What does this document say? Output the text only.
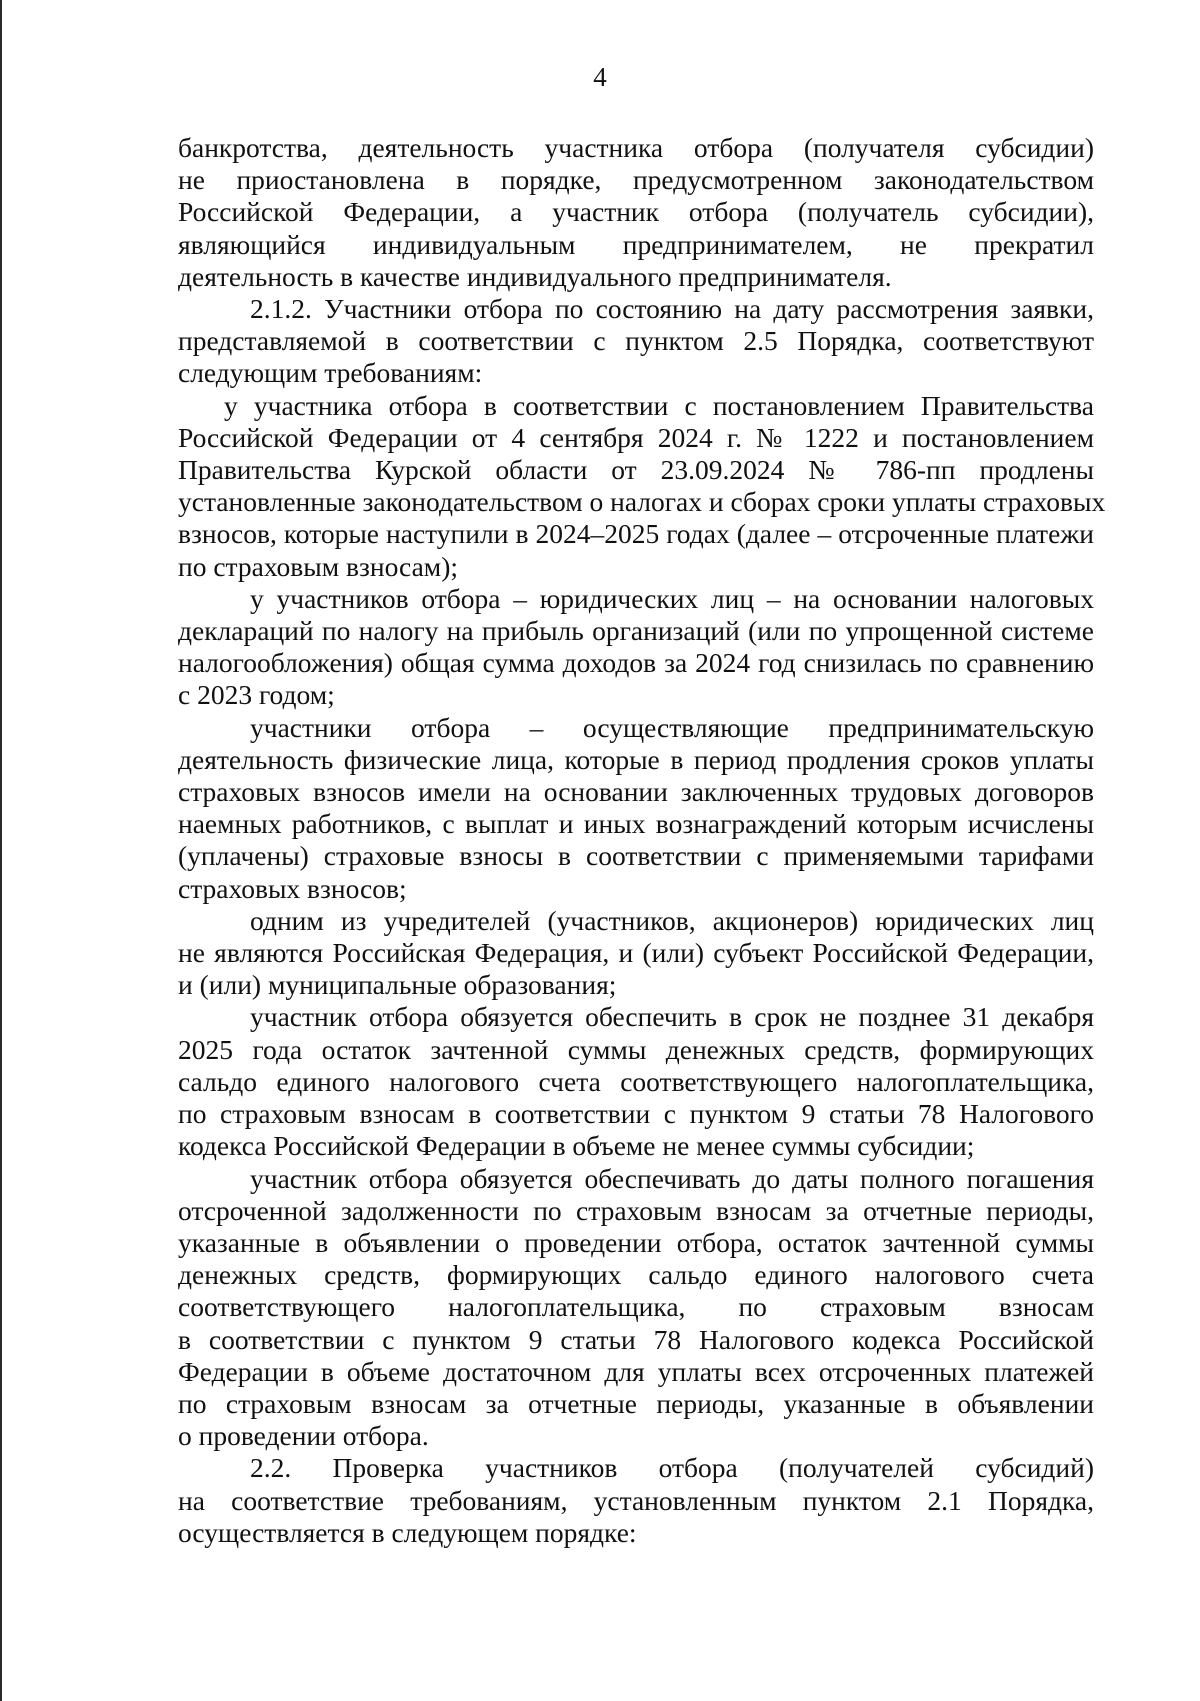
4

банкротства, деятельность участника отбора (получателя субсидии)
не приостановлена в порядке, предусмотренном законодательством
Российской Федерации, а участник отбора (получатель субсидии),
являющийся индивидуальным предпринимателем, не прекратил
деятельность в качестве индивидуального предпринимателя.

2.1.2. Участники отбора по состоянию на дату рассмотрения заявки,
представляемой в соответствии с пунктом 2.5 Порядка, соответствуют
следующим требованиям:

у участника отбора в соответствии с постановлением Правительства
Российской Федерации от 4 сентября 2024 г. № 1222 и постановлением
Правительства Курской области от 23.09.2024 № 786-пп продлены
установленные законодательством о налогах и сборах сроки уплаты страховых
взносов, которые наступили в 2024–2025 годах (далее – отсроченные платежи
по страховым взносам);

у участников отбора – юридических лиц – на основании налоговых
деклараций по налогу на прибыль организаций (или по упрощенной системе
налогообложения) общая сумма доходов за 2024 год снизилась по сравнению
с 2023 годом;

участники отбора – осуществляющие предпринимательскую
деятельность физические лица, которые в период продления сроков уплаты
страховых взносов имели на основании заключенных трудовых договоров
наемных работников, с выплат и иных вознаграждений которым исчислены
(уплачены) страховые взносы в соответствии с применяемыми тарифами
страховых взносов;

одним из учредителей (участников, акционеров) юридических лиц
не являются Российская Федерация, и (или) субъект Российской Федерации,
и (или) муниципальные образования;

участник отбора обязуется обеспечить в срок не позднее 31 декабря
2025 года остаток зачтенной суммы денежных средств, формирующих
сальдо единого налогового счета соответствующего налогоплательщика,
по страховым взносам в соответствии с пунктом 9 статьи 78 Налогового
кодекса Российской Федерации в объеме не менее суммы субсидии;

участник отбора обязуется обеспечивать до даты полного погашения
отсроченной задолженности по страховым взносам за отчетные периоды,
указанные в объявлении о проведении отбора, остаток зачтенной суммы
денежных средств, формирующих сальдо единого налогового счета
соответствующего налогоплательщика, по страховым взносам
в соответствии с пунктом 9 статьи 78 Налогового кодекса Российской
Федерации в объеме достаточном для уплаты всех отсроченных платежей
по страховым взносам за отчетные периоды, указанные в объявлении
о проведении отбора.

2.2. Проверка участников отбора (получателей субсидий)
на соответствие требованиям, установленным пунктом 2.1 Порядка,
осуществляется в следующем порядке:
